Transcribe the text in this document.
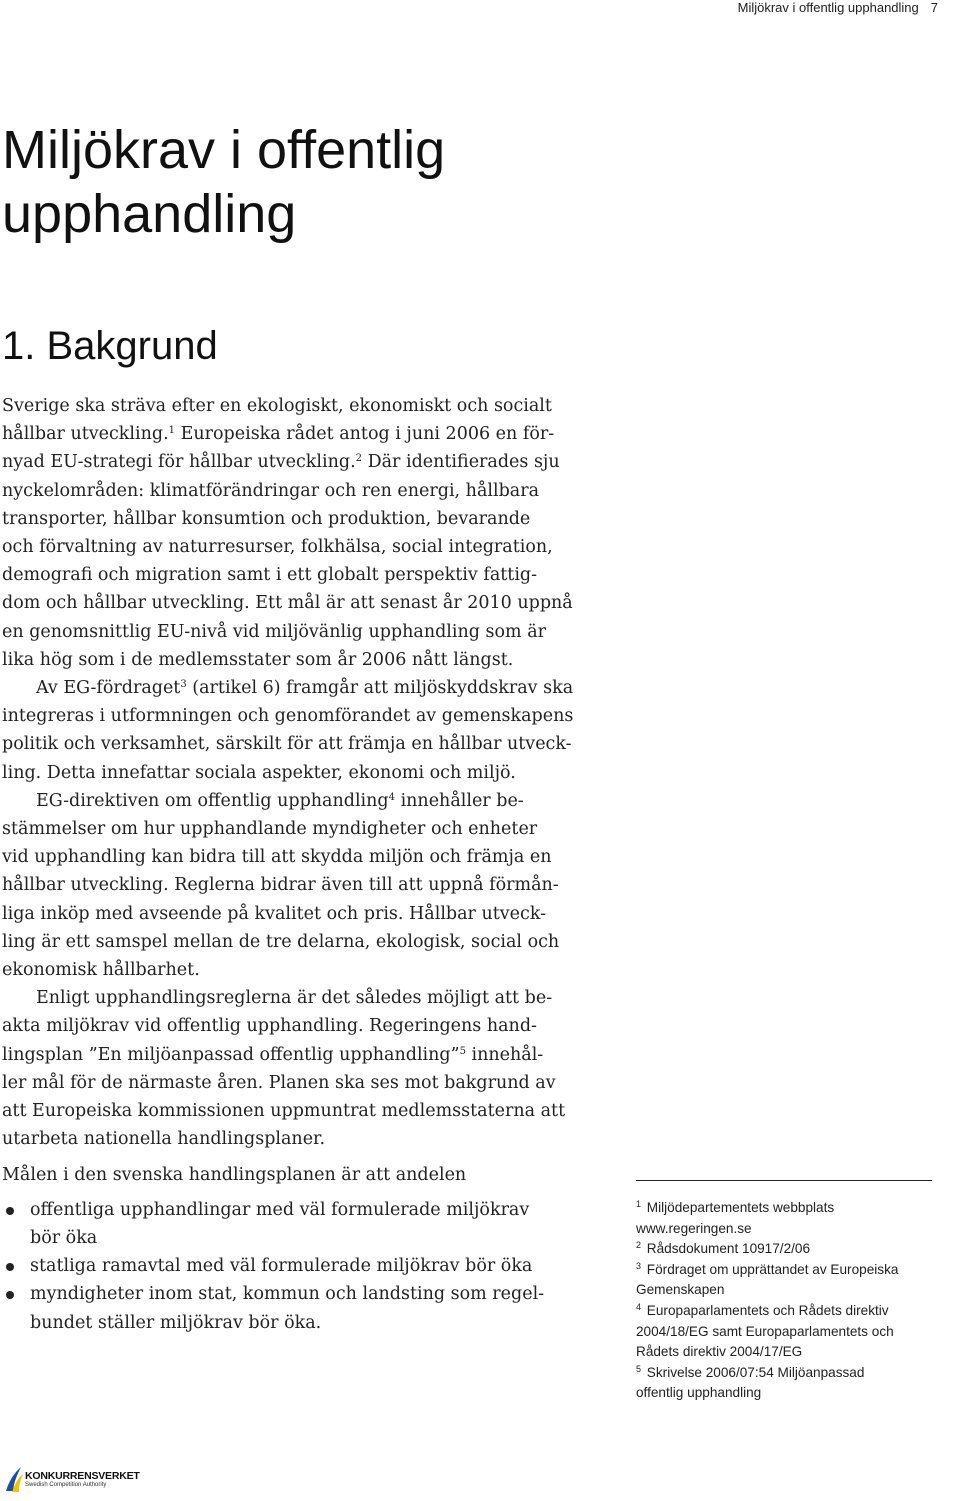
Miljökrav i offentlig upphandling 7
Miljökrav i offentlig
upphandling
1. Bakgrund
Sverige ska sträva efter en ekologiskt, ekonomiskt och socialt
hållbar utveckling.$^1$ Europeiska rådet antog i juni 2006 en för-
nyad EU-strategi för hållbar utveckling.$^2$ Där identifierades sju
nyckelområden: klimatförändringar och ren energi, hållbara
transporter, hållbar konsumtion och produktion, bevarande
och förvaltning av naturresurser, folkhälsa, social integration,
demografi och migration samt i ett globalt perspektiv fattig-
dom och hållbar utveckling. Ett mål är att senast år 2010 uppnå
en genomsnittlig EU-nivå vid miljövänlig upphandling som är
lika hög som i de medlemsstater som år 2006 nått längst.
Av EG-fördraget$^3$ (artikel 6) framgår att miljöskyddskrav ska
integreras i utformningen och genomförandet av gemenskapens
politik och verksamhet, särskilt för att främja en hållbar utveck-
ling. Detta innefattar sociala aspekter, ekonomi och miljö.
EG-direktiven om offentlig upphandling$^4$ innehåller be-
stämmelser om hur upphandlande myndigheter och enheter
vid upphandling kan bidra till att skydda miljön och främja en
hållbar utveckling. Reglerna bidrar även till att uppnå förmån-
liga inköp med avseende på kvalitet och pris. Hållbar utveck-
ling är ett samspel mellan de tre delarna, ekologisk, social och
ekonomisk hållbarhet.
Enligt upphandlingsreglerna är det således möjligt att be-
akta miljökrav vid offentlig upphandling. Regeringens hand-
lingsplan ”En miljöanpassad offentlig upphandling”$^5$ innehål-
ler mål för de närmaste åren. Planen ska ses mot bakgrund av
att Europeiska kommissionen uppmuntrat medlemsstaterna att
utarbeta nationella handlingsplaner.
Målen i den svenska handlingsplanen är att andelen
offentliga upphandlingar med väl formulerade miljökrav
bör öka
statliga ramavtal med väl formulerade miljökrav bör öka
myndigheter inom stat, kommun och landsting som regel-
bundet ställer miljökrav bör öka.
$^1$ Miljödepartementets webbplats
www.regeringen.se
$^2$ Rådsdokument 10917/2/06
$^3$ Fördraget om upprättandet av Europeiska
Gemenskapen
$^4$ Europaparlamentets och Rådets direktiv
2004/18/EG samt Europaparlamentets och
Rådets direktiv 2004/17/EG
$^5$ Skrivelse 2006/07:54 Miljöanpassad
offentlig upphandling
KONKURRENSVERKET
Swedish Competition Authority
